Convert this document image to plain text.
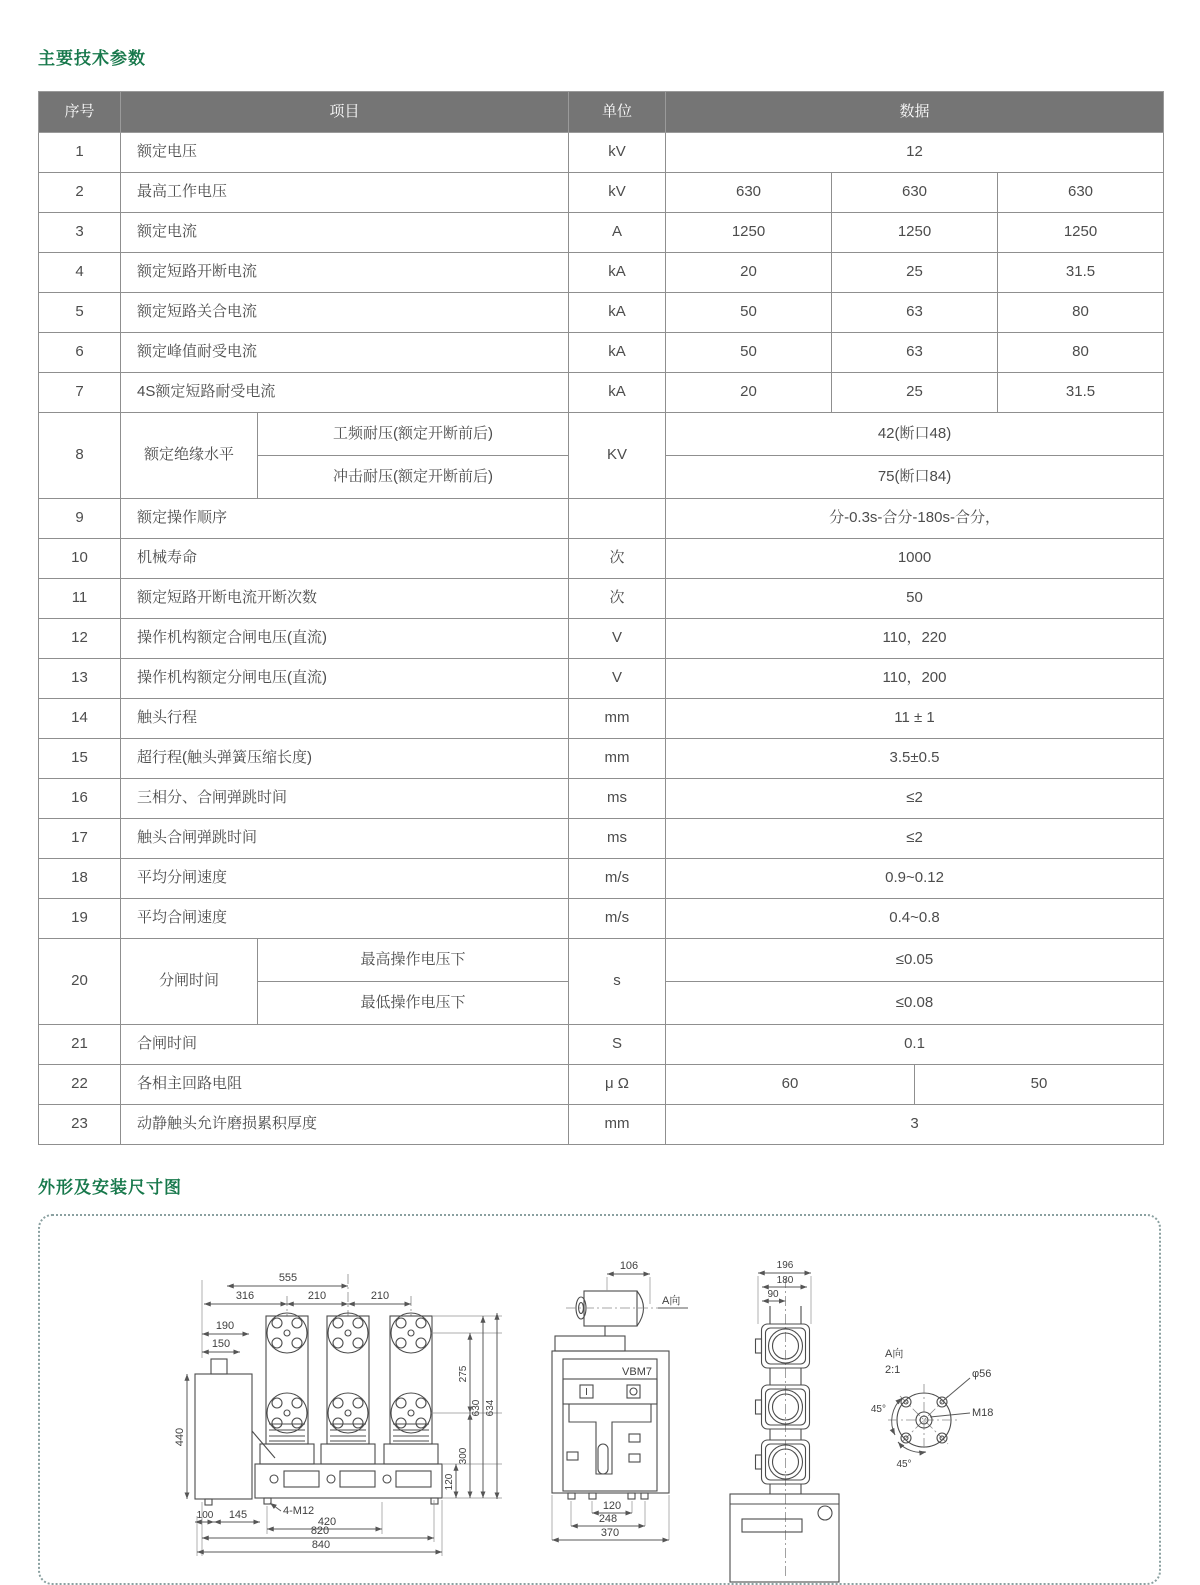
主要技术参数
序号	项目		单位	数据			
1	额定电压		kV	12			
2	最高工作电压		kV	630	630		630
3	额定电流		A	1250	1250		1250
4	额定短路开断电流		kA	20	25		31.5
5	额定短路关合电流		kA	50	63		80
6	额定峰值耐受电流		kA	50	63		80
7	4S额定短路耐受电流		kA	20	25		31.5
8	额定绝缘水平	工频耐压(额定开断前后)	KV	42(断口48)			
		冲击耐压(额定开断前后)		75(断口84)			
9	额定操作顺序			分-0.3s-合分-180s-合分，			
10	机械寿命		次	1000			
11	额定短路开断电流开断次数		次	50			
12	操作机构额定合闸电压(直流)		V	110，220			
13	操作机构额定分闸电压(直流)		V	110，200			
14	触头行程		mm	11 ± 1			
15	超行程(触头弹簧压缩长度)		mm	3.5±0.5			
16	三相分、合闸弹跳时间		ms	≤2			
17	触头合闸弹跳时间		ms	≤2			
18	平均分闸速度		m/s	0.9~0.12			
19	平均合闸速度		m/s	0.4~0.8			
20	分闸时间	最高操作电压下	s	≤0.05			
		最低操作电压下		≤0.08			
21	合闸时间		S	0.1			
22	各相主回路电阻		μ Ω	60		50	
23	动静触头允许磨损累积厚度		mm	3			
外形及安装尺寸图
555
316	210	210
190
150
440
275
300
630 634
120
100 145
420
4-M12
820
840
A向
106
VBM7
I
120
248
370
196
180
90
A向
2:1	φ56
M18
45°
45°
